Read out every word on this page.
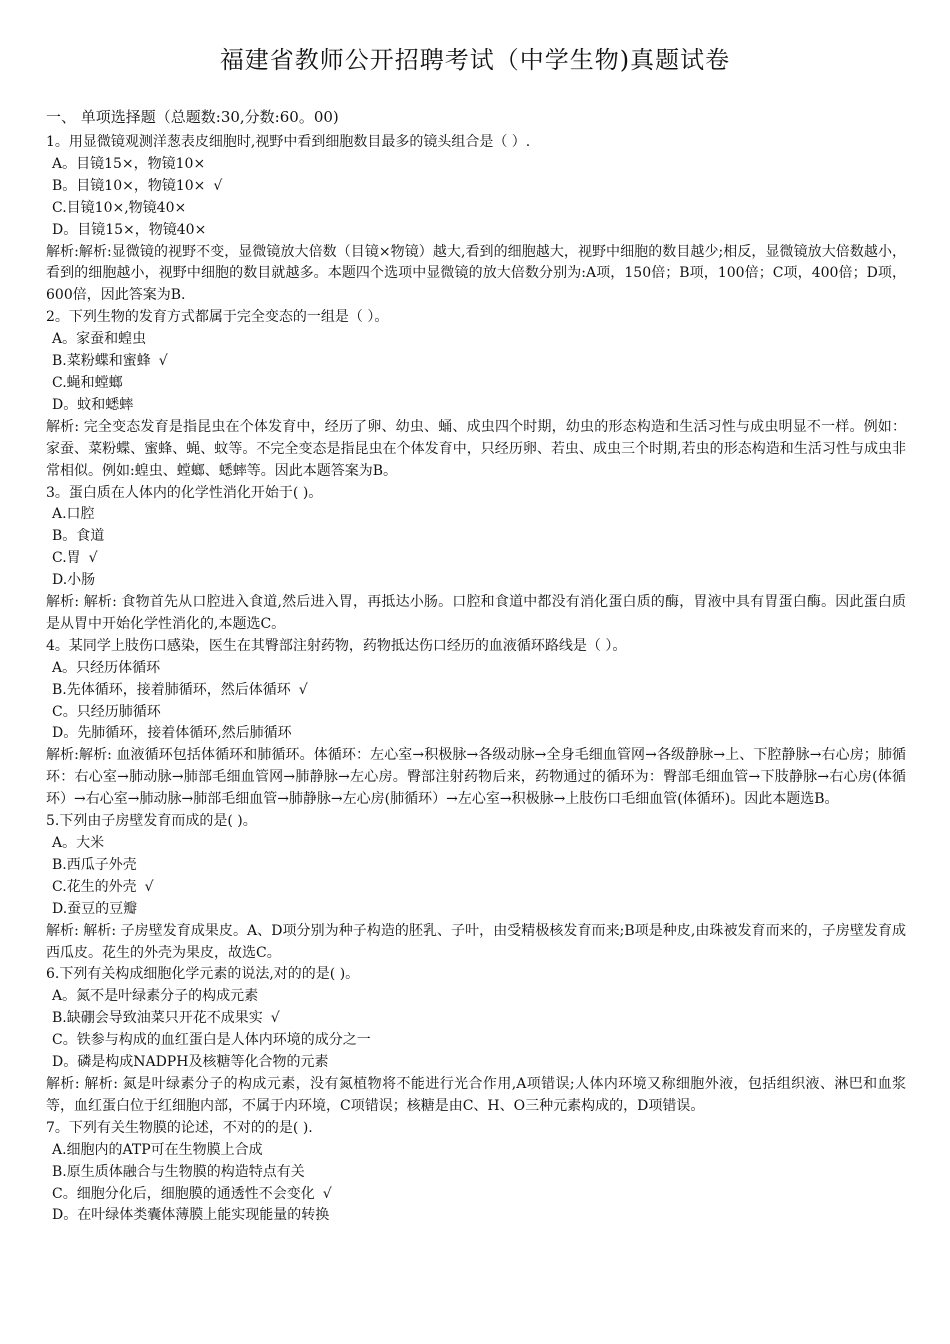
福建省教师公开招聘考试（中学生物)真题试卷
一、 单项选择题（总题数:30,分数:60。00)
1。用显微镜观测洋葱表皮细胞时,视野中看到细胞数目最多的镜头组合是（ ）.
A。目镜15×，物镜10×
B。目镜10×，物镜10× √
C.目镜10×,物镜40×
D。目镜15×，物镜40×
解析:解析:显微镜的视野不变，显微镜放大倍数（目镜×物镜）越大,看到的细胞越大，视野中细胞的数目越少;相反，显微镜放大倍数越小，看到的细胞越小，视野中细胞的数目就越多。本题四个选项中显微镜的放大倍数分别为:A项，150倍；B项，100倍；C项，400倍；D项，600倍，因此答案为B.
2。下列生物的发育方式都属于完全变态的一组是（ ）。
A。家蚕和蝗虫
B.菜粉蝶和蜜蜂 √
C.蝇和螳螂
D。蚊和蟋蟀
解析: 完全变态发育是指昆虫在个体发育中，经历了卵、幼虫、蛹、成虫四个时期，幼虫的形态构造和生活习性与成虫明显不一样。例如：家蚕、菜粉蝶、蜜蜂、蝇、蚊等。不完全变态是指昆虫在个体发育中，只经历卵、若虫、成虫三个时期,若虫的形态构造和生活习性与成虫非常相似。例如:蝗虫、螳螂、蟋蟀等。因此本题答案为B。
3。蛋白质在人体内的化学性消化开始于( )。
A.口腔
B。食道
C.胃 √
D.小肠
解析: 解析: 食物首先从口腔进入食道,然后进入胃，再抵达小肠。口腔和食道中都没有消化蛋白质的酶，胃液中具有胃蛋白酶。因此蛋白质是从胃中开始化学性消化的,本题选C。
4。某同学上肢伤口感染，医生在其臀部注射药物，药物抵达伤口经历的血液循环路线是（ ）。
A。只经历体循环
B.先体循环，接着肺循环，然后体循环 √
C。只经历肺循环
D。先肺循环，接着体循环,然后肺循环
解析:解析: 血液循环包括体循环和肺循环。体循环：左心室→积极脉→各级动脉→全身毛细血管网→各级静脉→上、下腔静脉→右心房；肺循环：右心室→肺动脉→肺部毛细血管网→肺静脉→左心房。臀部注射药物后来，药物通过的循环为：臀部毛细血管→下肢静脉→右心房(体循环）→右心室→肺动脉→肺部毛细血管→肺静脉→左心房(肺循环）→左心室→积极脉→上肢伤口毛细血管(体循环)。因此本题选B。
5.下列由子房壁发育而成的是( )。
A。大米
B.西瓜子外壳
C.花生的外壳 √
D.蚕豆的豆瓣
解析: 解析: 子房壁发育成果皮。A、D项分别为种子构造的胚乳、子叶，由受精极核发育而来;B项是种皮,由珠被发育而来的，子房壁发育成西瓜皮。花生的外壳为果皮，故选C。
6.下列有关构成细胞化学元素的说法,对的的是( )。
A。氮不是叶绿素分子的构成元素
B.缺硼会导致油菜只开花不成果实 √
C。铁参与构成的血红蛋白是人体内环境的成分之一
D。磷是构成NADPH及核糖等化合物的元素
解析: 解析: 氮是叶绿素分子的构成元素，没有氮植物将不能进行光合作用,A项错误;人体内环境又称细胞外液，包括组织液、淋巴和血浆等，血红蛋白位于红细胞内部，不属于内环境，C项错误；核糖是由C、H、O三种元素构成的，D项错误。
7。下列有关生物膜的论述，不对的的是( ).
A.细胞内的ATP可在生物膜上合成
B.原生质体融合与生物膜的构造特点有关
C。细胞分化后，细胞膜的通透性不会变化 √
D。在叶绿体类囊体薄膜上能实现能量的转换
